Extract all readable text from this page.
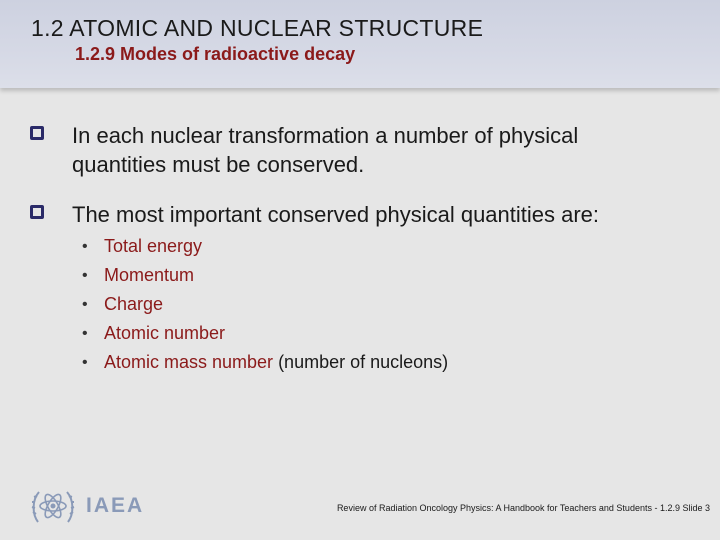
1.2 ATOMIC AND NUCLEAR STRUCTURE
1.2.9 Modes of radioactive decay
In each nuclear transformation a number of physical quantities must be conserved.
The most important conserved physical quantities are:
• Total energy
• Momentum
• Charge
• Atomic number
• Atomic mass number (number of nucleons)
IAEA	Review of Radiation Oncology Physics: A Handbook for Teachers and Students - 1.2.9 Slide 3
